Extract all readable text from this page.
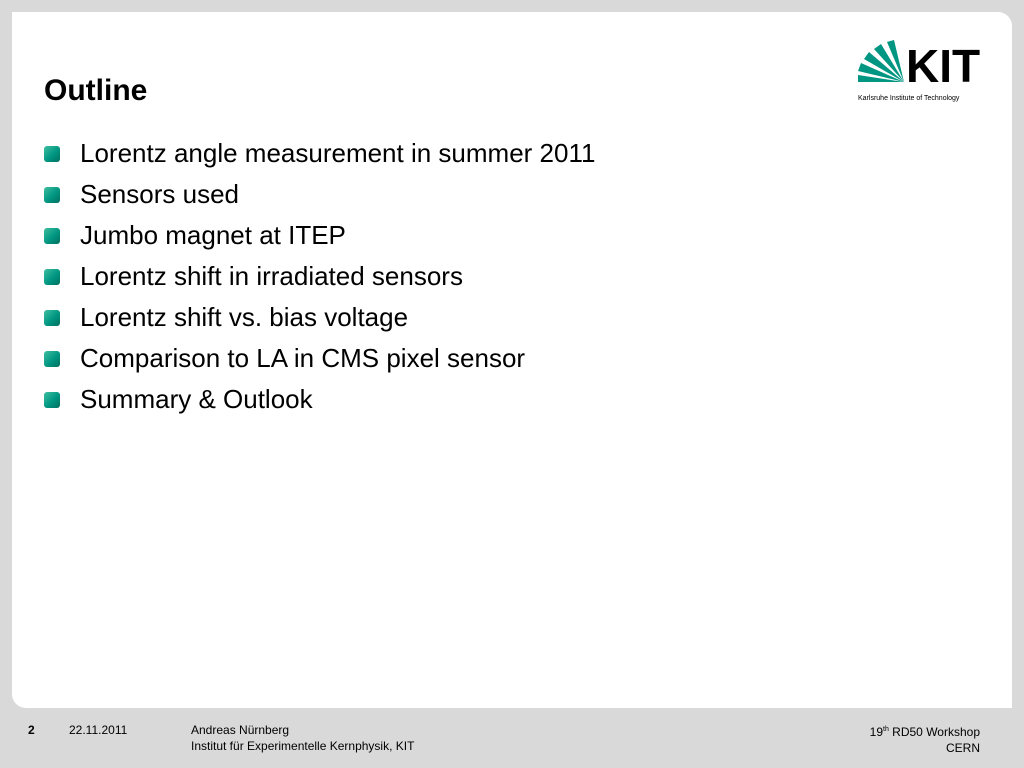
Outline	KIT
Karlsruhe Institute of Technology
Lorentz angle measurement in summer 2011
Sensors used
Jumbo magnet at ITEP
Lorentz shift in irradiated sensors
Lorentz shift vs. bias voltage
Comparison to LA in CMS pixel sensor
Summary & Outlook
2	22.11.2011	Andreas Nürnberg
Institut für Experimentelle Kernphysik, KIT
19th RD50 Workshop
CERN
